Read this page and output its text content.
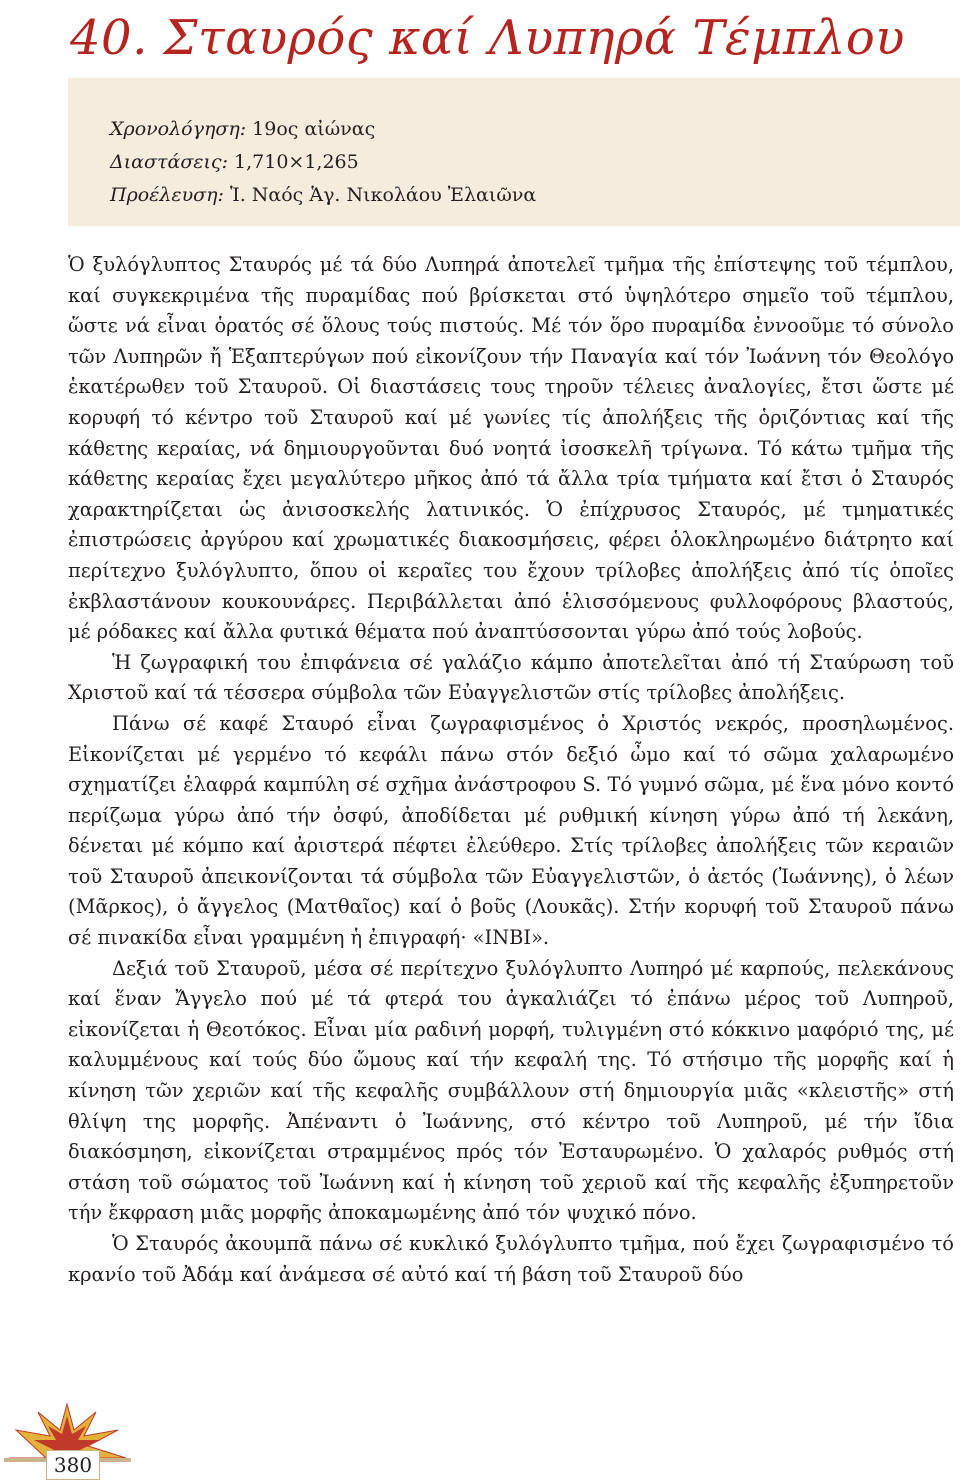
40. Σταυρός καί Λυπηρά Τέμπλου
Χρονολόγηση: 19ος αἰώνας
Διαστάσεις: 1,710×1,265
Προέλευση: Ἱ. Ναός Ἁγ. Νικολάου Ἐλαιῶνα

Ὁ ξυλόγλυπτος Σταυρός μέ τά δύο Λυπηρά ἀποτελεῖ τμῆμα τῆς ἐπίστεψης τοῦ τέμπλου, καί συγκεκριμένα τῆς πυραμίδας πού βρίσκεται στό ὑψηλότερο σημεῖο τοῦ τέμπλου, ὥστε νά εἶναι ὁρατός σέ ὅλους τούς πιστούς. Μέ τόν ὅρο πυραμίδα ἐννοοῦμε τό σύνολο τῶν Λυπηρῶν ἤ Ἑξαπτερύγων πού εἰκονίζουν τήν Παναγία καί τόν Ἰωάννη τόν Θεολόγο ἑκατέρωθεν τοῦ Σταυροῦ. Οἱ διαστάσεις τους τηροῦν τέλειες ἀναλογίες, ἔτσι ὥστε μέ κορυφή τό κέντρο τοῦ Σταυροῦ καί μέ γωνίες τίς ἀπολήξεις τῆς ὁριζόντιας καί τῆς κάθετης κεραίας, νά δημιουργοῦνται δυό νοητά ἰσοσκελῆ τρίγωνα. Τό κάτω τμῆμα τῆς κάθετης κεραίας ἔχει μεγαλύτερο μῆκος ἀπό τά ἄλλα τρία τμήματα καί ἔτσι ὁ Σταυρός χαρακτηρίζεται ὡς ἀνισοσκελής λατινικός. Ὁ ἐπίχρυσος Σταυρός, μέ τμηματικές ἐπιστρώσεις ἀργύρου καί χρωματικές διακοσμήσεις, φέρει ὁλοκληρωμένο διάτρητο καί περίτεχνο ξυλόγλυπτο, ὅπου οἱ κεραῖες του ἔχουν τρίλοβες ἀπολήξεις ἀπό τίς ὁποῖες ἐκβλαστάνουν κουκουνάρες. Περιβάλλεται ἀπό ἑλισσόμενους φυλλοφόρους βλαστούς, μέ ρόδακες καί ἄλλα φυτικά θέματα πού ἀναπτύσσονται γύρω ἀπό τούς λοβούς.

Ἡ ζωγραφική του ἐπιφάνεια σέ γαλάζιο κάμπο ἀποτελεῖται ἀπό τή Σταύρωση τοῦ Χριστοῦ καί τά τέσσερα σύμβολα τῶν Εὐαγγελιστῶν στίς τρίλοβες ἀπολήξεις.

Πάνω σέ καφέ Σταυρό εἶναι ζωγραφισμένος ὁ Χριστός νεκρός, προσηλωμένος. Εἰκονίζεται μέ γερμένο τό κεφάλι πάνω στόν δεξιό ὦμο καί τό σῶμα χαλαρωμένο σχηματίζει ἐλαφρά καμπύλη σέ σχῆμα ἀνάστροφου S. Τό γυμνό σῶμα, μέ ἕνα μόνο κοντό περίζωμα γύρω ἀπό τήν ὀσφύ, ἀποδίδεται μέ ρυθμική κίνηση γύρω ἀπό τή λεκάνη, δένεται μέ κόμπο καί ἀριστερά πέφτει ἐλεύθερο. Στίς τρίλοβες ἀπολήξεις τῶν κεραιῶν τοῦ Σταυροῦ ἀπεικονίζονται τά σύμβολα τῶν Εὐαγγελιστῶν, ὁ ἀετός (Ἰωάννης), ὁ λέων (Μᾶρκος), ὁ ἄγγελος (Ματθαῖος) καί ὁ βοῦς (Λουκᾶς). Στήν κορυφή τοῦ Σταυροῦ πάνω σέ πινακίδα εἶναι γραμμένη ἡ ἐπιγραφή· «ΙΝΒΙ».

Δεξιά τοῦ Σταυροῦ, μέσα σέ περίτεχνο ξυλόγλυπτο Λυπηρό μέ καρπούς, πελεκάνους καί ἕναν Ἄγγελο πού μέ τά φτερά του ἀγκαλιάζει τό ἐπάνω μέρος τοῦ Λυπηροῦ, εἰκονίζεται ἡ Θεοτόκος. Εἶναι μία ραδινή μορφή, τυλιγμένη στό κόκκινο μαφόριό της, μέ καλυμμένους καί τούς δύο ὤμους καί τήν κεφαλή της. Τό στήσιμο τῆς μορφῆς καί ἡ κίνηση τῶν χεριῶν καί τῆς κεφαλῆς συμβάλλουν στή δημιουργία μιᾶς «κλειστῆς» στή θλίψη της μορφῆς. Ἀπέναντι ὁ Ἰωάννης, στό κέντρο τοῦ Λυπηροῦ, μέ τήν ἴδια διακόσμηση, εἰκονίζεται στραμμένος πρός τόν Ἐσταυρωμένο. Ὁ χαλαρός ρυθμός στή στάση τοῦ σώματος τοῦ Ἰωάννη καί ἡ κίνηση τοῦ χεριοῦ καί τῆς κεφαλῆς ἐξυπηρετοῦν τήν ἔκφραση μιᾶς μορφῆς ἀποκαμωμένης ἀπό τόν ψυχικό πόνο.

Ὁ Σταυρός ἀκουμπᾶ πάνω σέ κυκλικό ξυλόγλυπτο τμῆμα, πού ἔχει ζωγραφισμένο τό κρανίο τοῦ Ἀδάμ καί ἀνάμεσα σέ αὐτό καί τή βάση τοῦ Σταυροῦ δύο

380
